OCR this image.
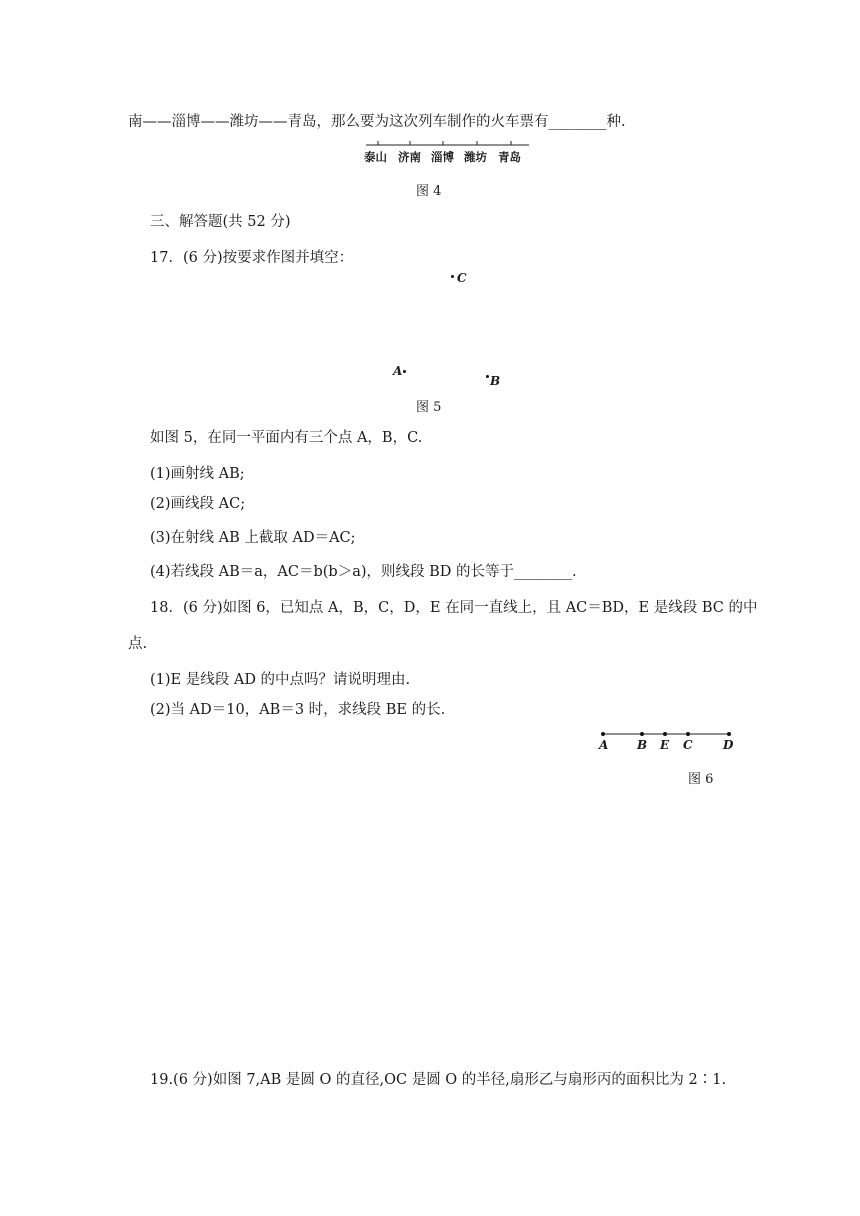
南——淄博——潍坊——青岛，那么要为这次列车制作的火车票有________种.
泰山 济南 淄博 潍坊 青岛
图 4
三、解答题(共 52 分)
17．(6 分)按要求作图并填空：
C
A
B
图 5
如图 5，在同一平面内有三个点 A，B，C.
(1)画射线 AB;
(2)画线段 AC;
(3)在射线 AB 上截取 AD＝AC;
(4)若线段 AB＝a，AC＝b(b＞a)，则线段 BD 的长等于________.
18．(6 分)如图 6，已知点 A，B，C，D，E 在同一直线上，且 AC＝BD，E 是线段 BC 的中
点.
(1)E 是线段 AD 的中点吗？请说明理由.
(2)当 AD＝10，AB＝3 时，求线段 BE 的长.
A B E C	D
图 6
19.(6 分)如图 7,AB 是圆 O 的直径,OC 是圆 O 的半径,扇形乙与扇形丙的面积比为 2∶1.
